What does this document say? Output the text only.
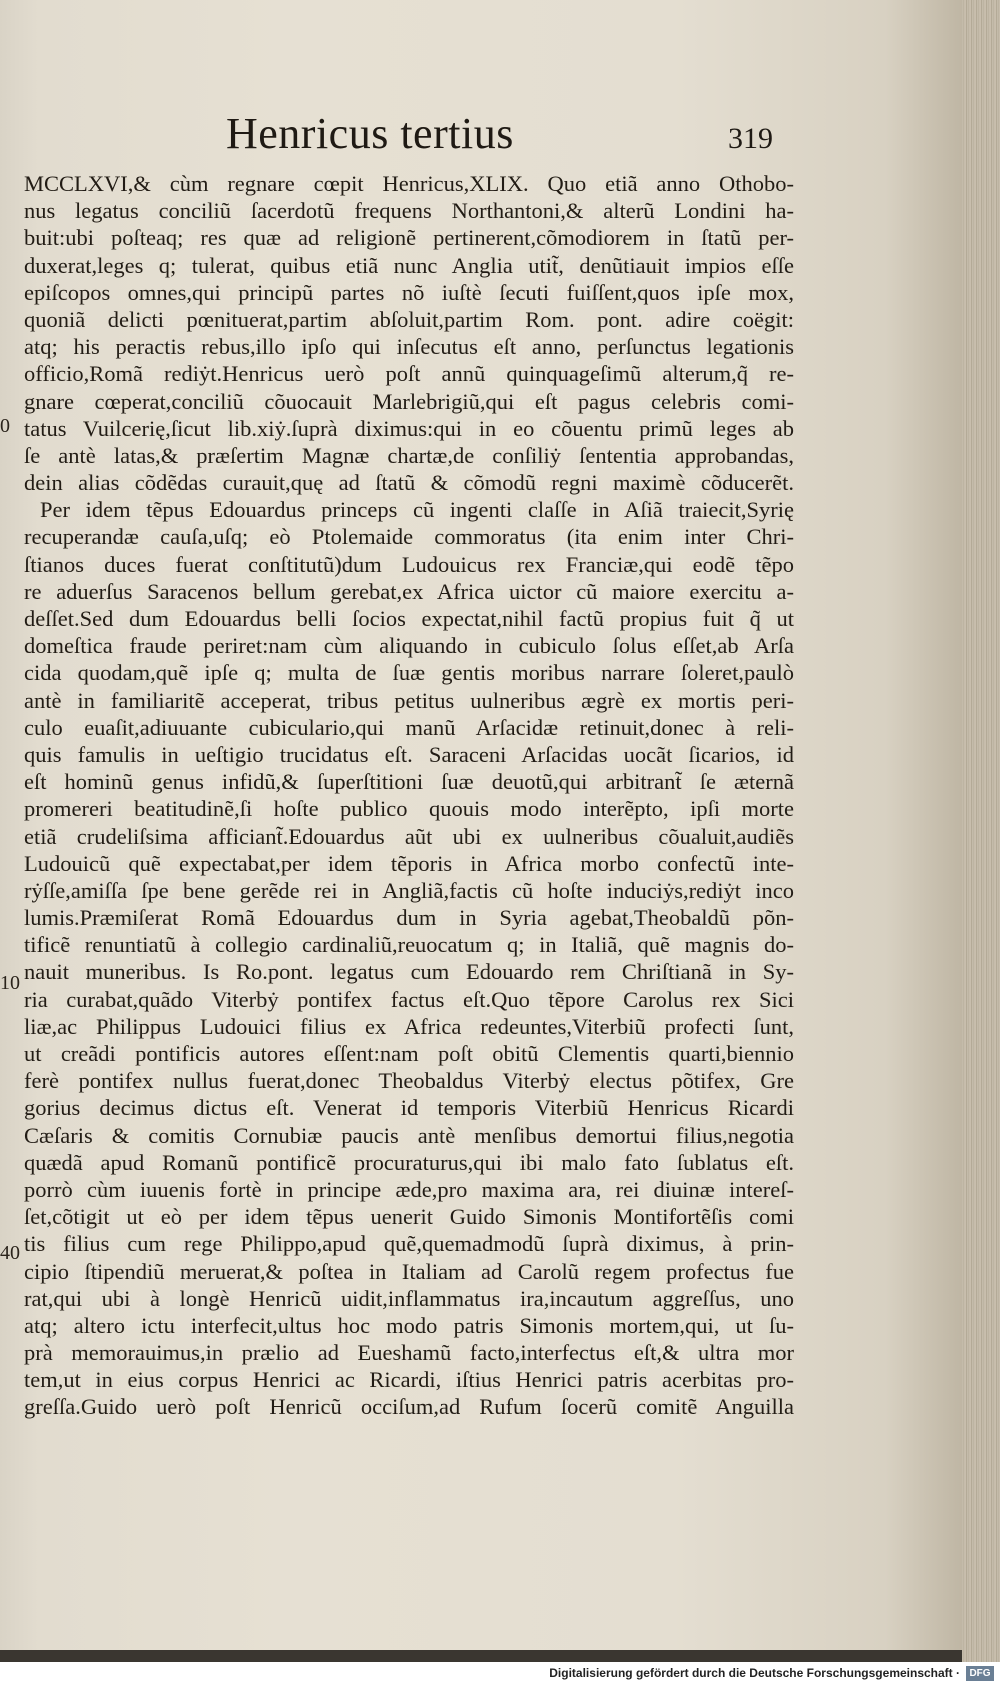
Henricus tertius	319
0
10
40
MCCLXVI,& cùm regnare cœpit Henricus,XLIX. Quo etiã anno Othobo-
nus legatus conciliũ ſacerdotũ frequens Northantoni,& alterũ Londini ha-
buit:ubi poſteaq; res quæ ad religionẽ pertinerent,cõmodiorem in ſtatũ per-
duxerat,leges q; tulerat, quibus etiã nunc Anglia utit̃, denũtiauit impios eſſe
epiſcopos omnes,qui principũ partes nõ iuſtè ſecuti fuiſſent,quos ipſe mox,
quoniã delicti pœnituerat,partim abſoluit,partim Rom. pont. adire coëgit:
atq; his peractis rebus,illo ipſo qui inſecutus eſt anno, perſunctus legationis
officio,Romã rediẏt.Henricus uerò poſt annũ quinquageſimũ alterum,q̃ re-
gnare cœperat,conciliũ cõuocauit Marlebrigiũ,qui eſt pagus celebris comi-
tatus Vuilcerię,ſicut lib.xiẏ.ſuprà diximus:qui in eo cõuentu primũ leges ab
ſe antè latas,& præſertim Magnæ chartæ,de conſiliẏ ſententia approbandas,
dein alias cõdẽdas curauit,quę ad ſtatũ & cõmodũ regni maximè cõducerẽt.
Per idem tẽpus Edouardus princeps cũ ingenti claſſe in Aſiã traiecit,Syrię
recuperandæ cauſa,uſq; eò Ptolemaide commoratus (ita enim inter Chri-
ſtianos duces fuerat conſtitutũ)dum Ludouicus rex Franciæ,qui eodẽ tẽpo
re aduerſus Saracenos bellum gerebat,ex Africa uictor cũ maiore exercitu a-
deſſet.Sed dum Edouardus belli ſocios expectat,nihil factũ propius fuit q̃ ut
domeſtica fraude periret:nam cùm aliquando in cubiculo ſolus eſſet,ab Arſa
cida quodam,quẽ ipſe q; multa de ſuæ gentis moribus narrare ſoleret,paulò
antè in familiaritẽ acceperat, tribus petitus uulneribus ægrè ex mortis peri-
culo euaſit,adiuuante cubiculario,qui manũ Arſacidæ retinuit,donec à reli-
quis famulis in ueſtigio trucidatus eſt. Saraceni Arſacidas uocãt ſicarios, id
eſt hominũ genus infidũ,& ſuperſtitioni ſuæ deuotũ,qui arbitrant̃ ſe æternã
promereri beatitudinẽ,ſi hoſte publico quouis modo interẽpto, ipſi morte
etiã crudeliſsima afficiant̃.Edouardus aũt ubi ex uulneribus cõualuit,audiẽs
Ludouicũ quẽ expectabat,per idem tẽporis in Africa morbo confectũ inte-
rẏſſe,amiſſa ſpe bene gerẽde rei in Angliã,factis cũ hoſte induciẏs,rediẏt inco
lumis.Præmiſerat Romã Edouardus dum in Syria agebat,Theobaldũ põn-
tificẽ renuntiatũ à collegio cardinaliũ,reuocatum q; in Italiã, quẽ magnis do-
nauit muneribus. Is Ro.pont. legatus cum Edouardo rem Chriſtianã in Sy-
ria curabat,quãdo Viterbẏ pontifex factus eſt.Quo tẽpore Carolus rex Sici
liæ,ac Philippus Ludouici filius ex Africa redeuntes,Viterbiũ profecti ſunt,
ut creãdi pontificis autores eſſent:nam poſt obitũ Clementis quarti,biennio
ferè pontifex nullus fuerat,donec Theobaldus Viterbẏ electus põtifex, Gre
gorius decimus dictus eſt. Venerat id temporis Viterbiũ Henricus Ricardi
Cæſaris & comitis Cornubiæ paucis antè menſibus demortui filius,negotia
quædã apud Romanũ pontificẽ procuraturus,qui ibi malo fato ſublatus eſt.
porrò cùm iuuenis fortè in principe æde,pro maxima ara, rei diuinæ intereſ-
ſet,cõtigit ut eò per idem tẽpus uenerit Guido Simonis Montifortẽſis comi
tis filius cum rege Philippo,apud quẽ,quemadmodũ ſuprà diximus, à prin-
cipio ſtipendiũ meruerat,& poſtea in Italiam ad Carolũ regem profectus fue
rat,qui ubi à longè Henricũ uidit,inflammatus ira,incautum aggreſſus, uno
atq; altero ictu interfecit,ultus hoc modo patris Simonis mortem,qui, ut ſu-
prà memorauimus,in prælio ad Eueshamũ facto,interfectus eſt,& ultra mor
tem,ut in eius corpus Henrici ac Ricardi, iſtius Henrici patris acerbitas pro-
greſſa.Guido uerò poſt Henricũ occiſum,ad Rufum ſocerũ comitẽ Anguilla
Digitalisierung gefördert durch die Deutsche Forschungsgemeinschaft · DFG
